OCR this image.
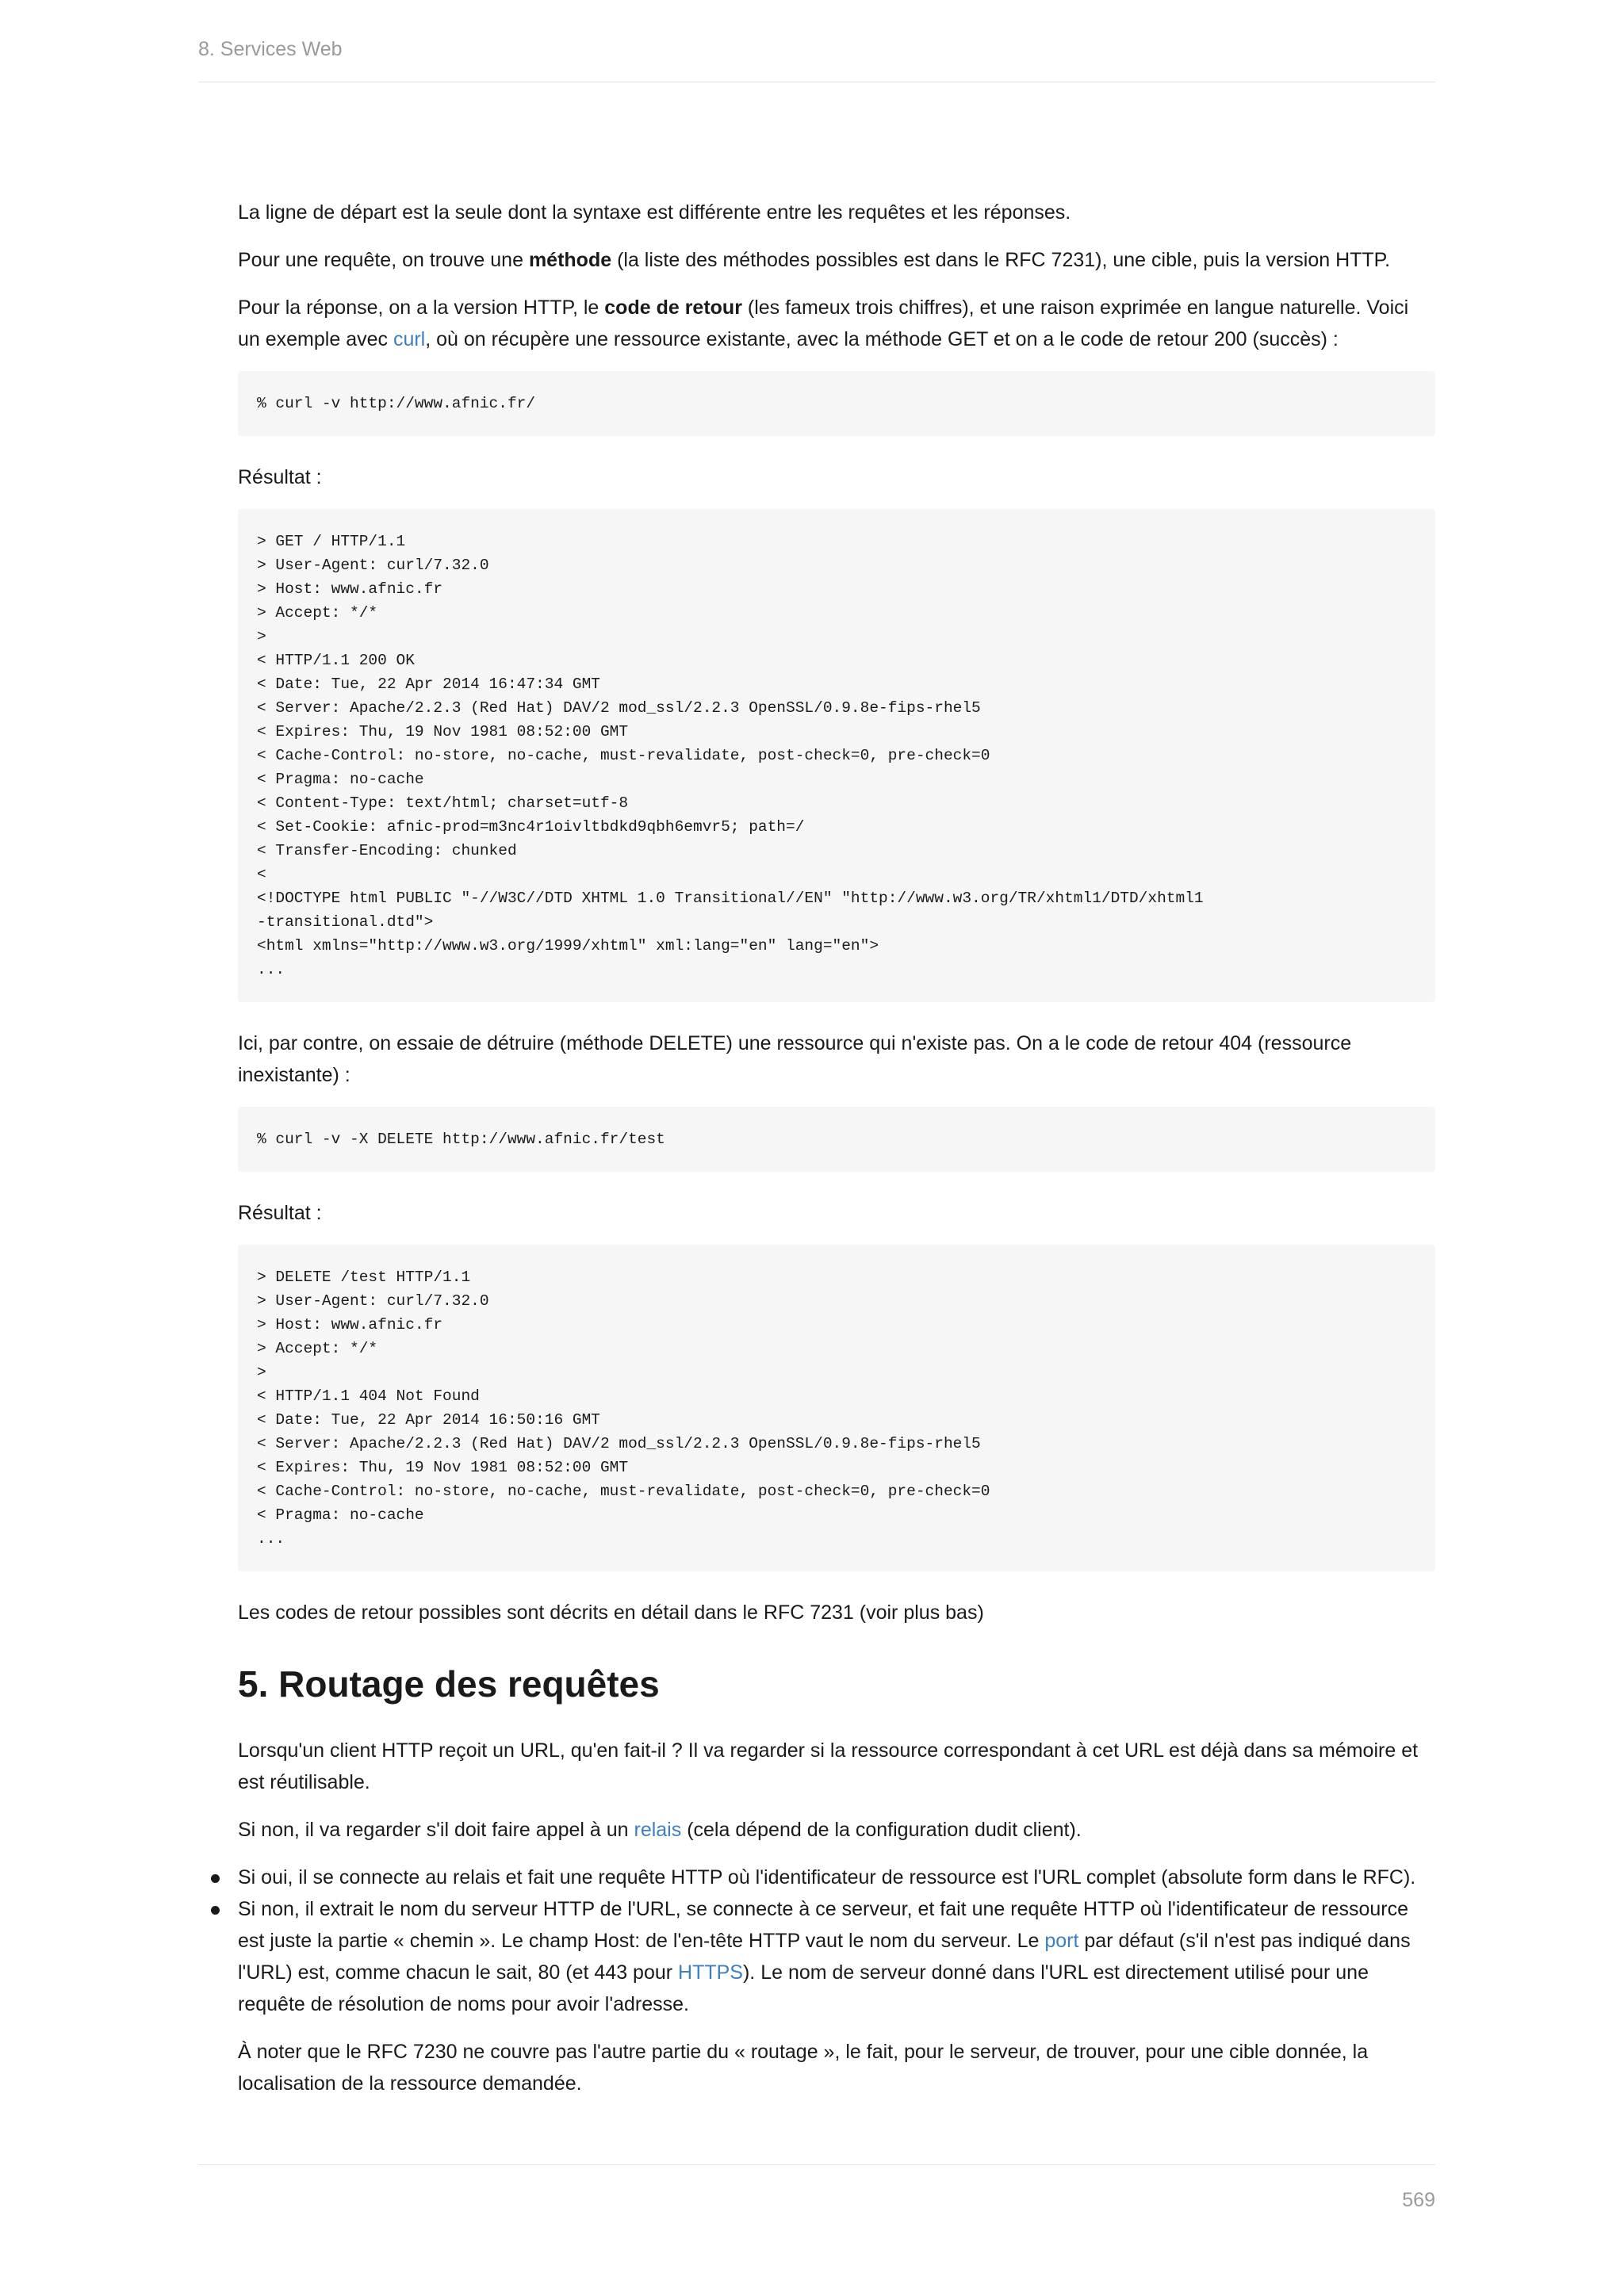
8. Services Web

La ligne de départ est la seule dont la syntaxe est différente entre les requêtes et les réponses.

Pour une requête, on trouve une méthode (la liste des méthodes possibles est dans le RFC 7231), une cible, puis la version HTTP.

Pour la réponse, on a la version HTTP, le code de retour (les fameux trois chiffres), et une raison exprimée en langue naturelle. Voici un exemple avec curl, où on récupère une ressource existante, avec la méthode GET et on a le code de retour 200 (succès) :

% curl -v http://www.afnic.fr/

Résultat :

> GET / HTTP/1.1
> User-Agent: curl/7.32.0
> Host: www.afnic.fr
> Accept: */*
>
< HTTP/1.1 200 OK
< Date: Tue, 22 Apr 2014 16:47:34 GMT
< Server: Apache/2.2.3 (Red Hat) DAV/2 mod_ssl/2.2.3 OpenSSL/0.9.8e-fips-rhel5
< Expires: Thu, 19 Nov 1981 08:52:00 GMT
< Cache-Control: no-store, no-cache, must-revalidate, post-check=0, pre-check=0
< Pragma: no-cache
< Content-Type: text/html; charset=utf-8
< Set-Cookie: afnic-prod=m3nc4r1oivltbdkd9qbh6emvr5; path=/
< Transfer-Encoding: chunked
<
<!DOCTYPE html PUBLIC "-//W3C//DTD XHTML 1.0 Transitional//EN" "http://www.w3.org/TR/xhtml1/DTD/xhtml1
-transitional.dtd">
<html xmlns="http://www.w3.org/1999/xhtml" xml:lang="en" lang="en">
...

Ici, par contre, on essaie de détruire (méthode DELETE) une ressource qui n'existe pas. On a le code de retour 404 (ressource inexistante) :

% curl -v -X DELETE http://www.afnic.fr/test

Résultat :

> DELETE /test HTTP/1.1
> User-Agent: curl/7.32.0
> Host: www.afnic.fr
> Accept: */*
>
< HTTP/1.1 404 Not Found
< Date: Tue, 22 Apr 2014 16:50:16 GMT
< Server: Apache/2.2.3 (Red Hat) DAV/2 mod_ssl/2.2.3 OpenSSL/0.9.8e-fips-rhel5
< Expires: Thu, 19 Nov 1981 08:52:00 GMT
< Cache-Control: no-store, no-cache, must-revalidate, post-check=0, pre-check=0
< Pragma: no-cache
...

Les codes de retour possibles sont décrits en détail dans le RFC 7231 (voir plus bas)

5. Routage des requêtes

Lorsqu'un client HTTP reçoit un URL, qu'en fait-il ? Il va regarder si la ressource correspondant à cet URL est déjà dans sa mémoire et est réutilisable.

Si non, il va regarder s'il doit faire appel à un relais (cela dépend de la configuration dudit client).

Si oui, il se connecte au relais et fait une requête HTTP où l'identificateur de ressource est l'URL complet (absolute form dans le RFC).
Si non, il extrait le nom du serveur HTTP de l'URL, se connecte à ce serveur, et fait une requête HTTP où l'identificateur de ressource est juste la partie « chemin ». Le champ Host: de l'en-tête HTTP vaut le nom du serveur. Le port par défaut (s'il n'est pas indiqué dans l'URL) est, comme chacun le sait, 80 (et 443 pour HTTPS). Le nom de serveur donné dans l'URL est directement utilisé pour une requête de résolution de noms pour avoir l'adresse.

À noter que le RFC 7230 ne couvre pas l'autre partie du « routage », le fait, pour le serveur, de trouver, pour une cible donnée, la localisation de la ressource demandée.

569
